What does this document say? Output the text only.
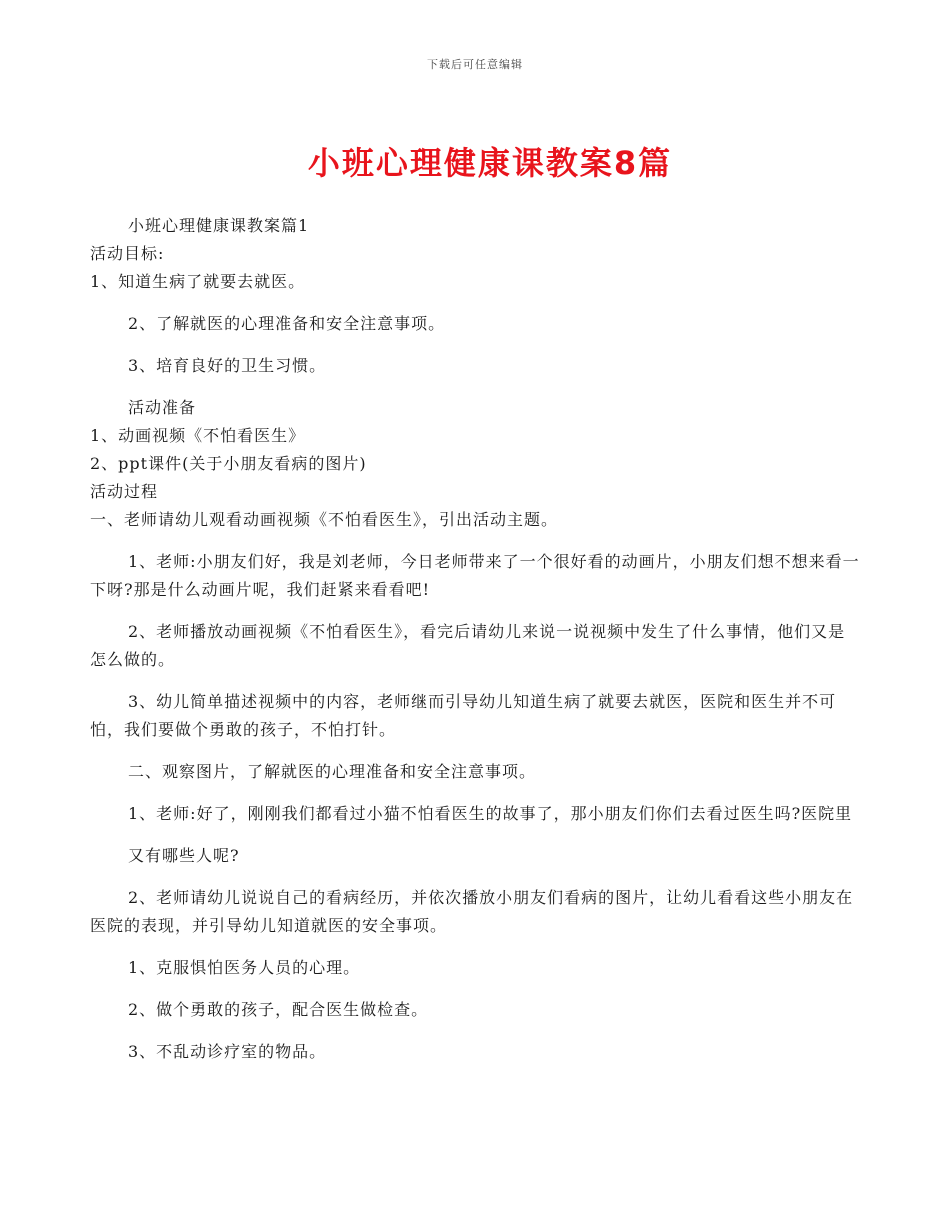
下载后可任意编辑
小班心理健康课教案8篇

小班心理健康课教案篇1

活动目标:

1、知道生病了就要去就医。

2、了解就医的心理准备和安全注意事项。

3、培育良好的卫生习惯。

活动准备

1、动画视频《不怕看医生》

2、ppt课件(关于小朋友看病的图片)

活动过程

一、老师请幼儿观看动画视频《不怕看医生》，引出活动主题。

1、老师:小朋友们好，我是刘老师，今日老师带来了一个很好看的动画片，小朋友们想不想来看一下呀?那是什么动画片呢，我们赶紧来看看吧!

2、老师播放动画视频《不怕看医生》，看完后请幼儿来说一说视频中发生了什么事情，他们又是怎么做的。

3、幼儿简单描述视频中的内容，老师继而引导幼儿知道生病了就要去就医，医院和医生并不可怕，我们要做个勇敢的孩子，不怕打针。

二、观察图片，了解就医的心理准备和安全注意事项。

1、老师:好了，刚刚我们都看过小猫不怕看医生的故事了，那小朋友们你们去看过医生吗?医院里

又有哪些人呢?

2、老师请幼儿说说自己的看病经历，并依次播放小朋友们看病的图片，让幼儿看看这些小朋友在医院的表现，并引导幼儿知道就医的安全事项。

1、克服惧怕医务人员的心理。

2、做个勇敢的孩子，配合医生做检查。

3、不乱动诊疗室的物品。
